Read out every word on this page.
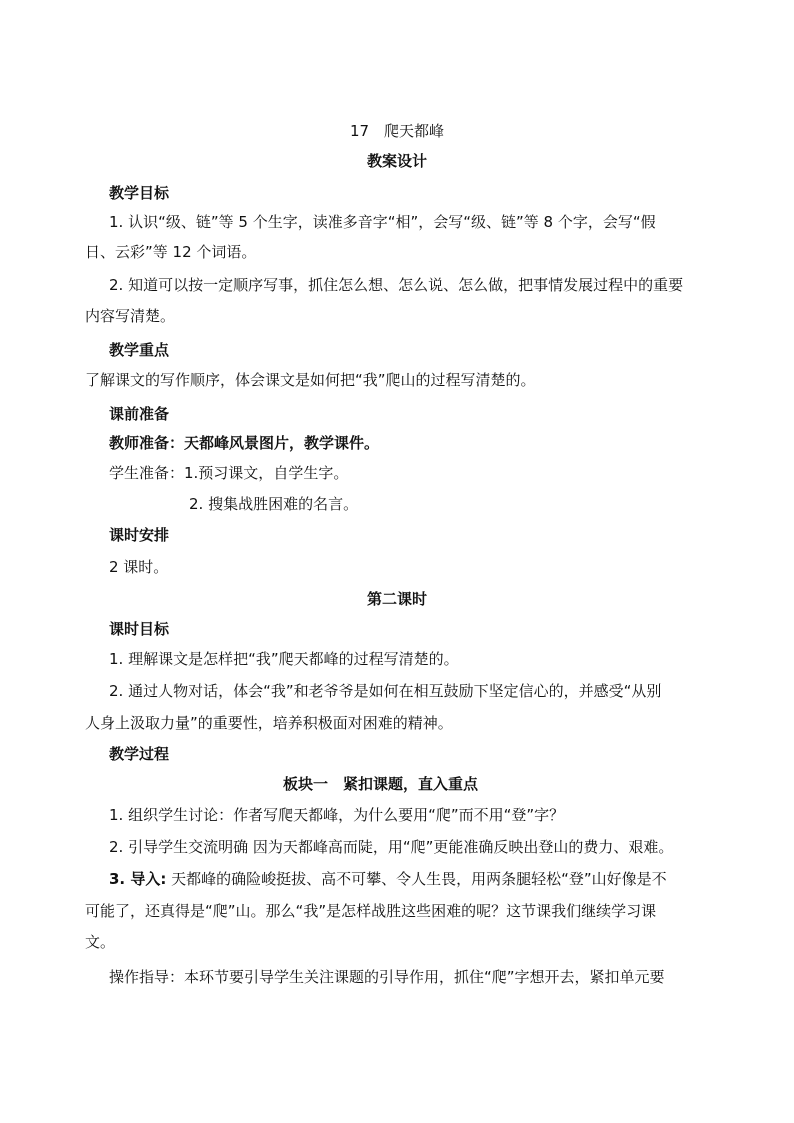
17　爬天都峰
教案设计
教学目标
1. 认识“级、链”等 5 个生字，读准多音字“相”，会写“级、链”等 8 个字，会写“假
日、云彩”等 12 个词语。
2. 知道可以按一定顺序写事，抓住怎么想、怎么说、怎么做，把事情发展过程中的重要
内容写清楚。
教学重点
了解课文的写作顺序，体会课文是如何把“我”爬山的过程写清楚的。
课前准备
教师准备：天都峰风景图片，教学课件。
学生准备：1.预习课文，自学生字。
2. 搜集战胜困难的名言。
课时安排
2 课时。
第二课时
课时目标
1. 理解课文是怎样把“我”爬天都峰的过程写清楚的。
2. 通过人物对话，体会“我”和老爷爷是如何在相互鼓励下坚定信心的，并感受“从别
人身上汲取力量”的重要性，培养积极面对困难的精神。
教学过程
板块一　紧扣课题，直入重点
1. 组织学生讨论：作者写爬天都峰，为什么要用“爬”而不用“登”字？
2. 引导学生交流明确 因为天都峰高而陡，用“爬”更能准确反映出登山的费力、艰难。
3. 导入: 天都峰的确险峻挺拔、高不可攀、令人生畏，用两条腿轻松“登”山好像是不
可能了，还真得是“爬”山。那么“我”是怎样战胜这些困难的呢？这节课我们继续学习课
文。
操作指导：本环节要引导学生关注课题的引导作用，抓住“爬”字想开去，紧扣单元要
